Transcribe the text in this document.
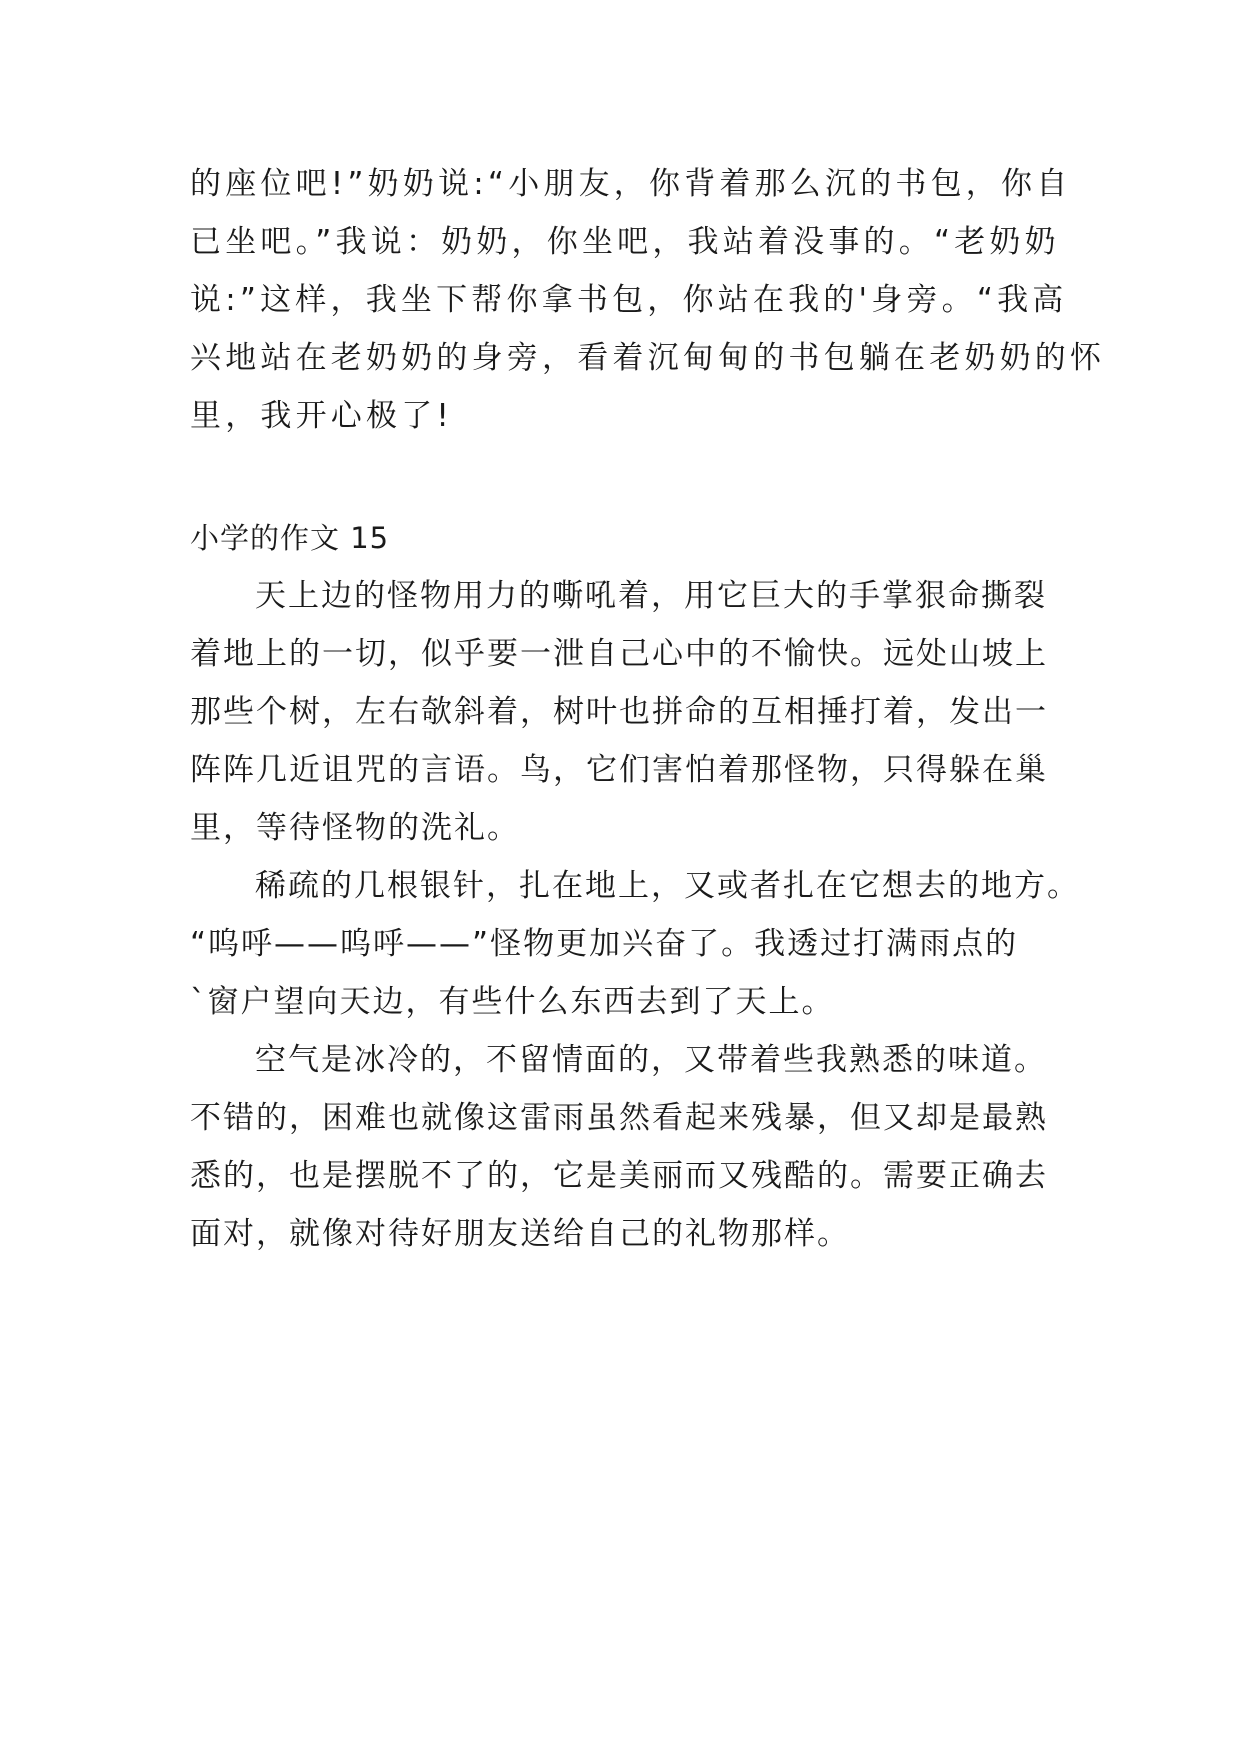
的座位吧!”奶奶说:“小朋友，你背着那么沉的书包，你自
已坐吧。”我说：奶奶，你坐吧，我站着没事的。“老奶奶
说:”这样，我坐下帮你拿书包，你站在我的'身旁。“我高
兴地站在老奶奶的身旁，看着沉甸甸的书包躺在老奶奶的怀
里，我开心极了!
小学的作文 15
天上边的怪物用力的嘶吼着，用它巨大的手掌狠命撕裂
着地上的一切，似乎要一泄自己心中的不愉快。远处山坡上
那些个树，左右欹斜着，树叶也拼命的互相捶打着，发出一
阵阵几近诅咒的言语。鸟，它们害怕着那怪物，只得躲在巢
里，等待怪物的洗礼。
稀疏的几根银针，扎在地上，又或者扎在它想去的地方。
“呜呼——呜呼——”怪物更加兴奋了。我透过打满雨点的
`窗户望向天边，有些什么东西去到了天上。
空气是冰冷的，不留情面的，又带着些我熟悉的味道。
不错的，困难也就像这雷雨虽然看起来残暴，但又却是最熟
悉的，也是摆脱不了的，它是美丽而又残酷的。需要正确去
面对，就像对待好朋友送给自己的礼物那样。
